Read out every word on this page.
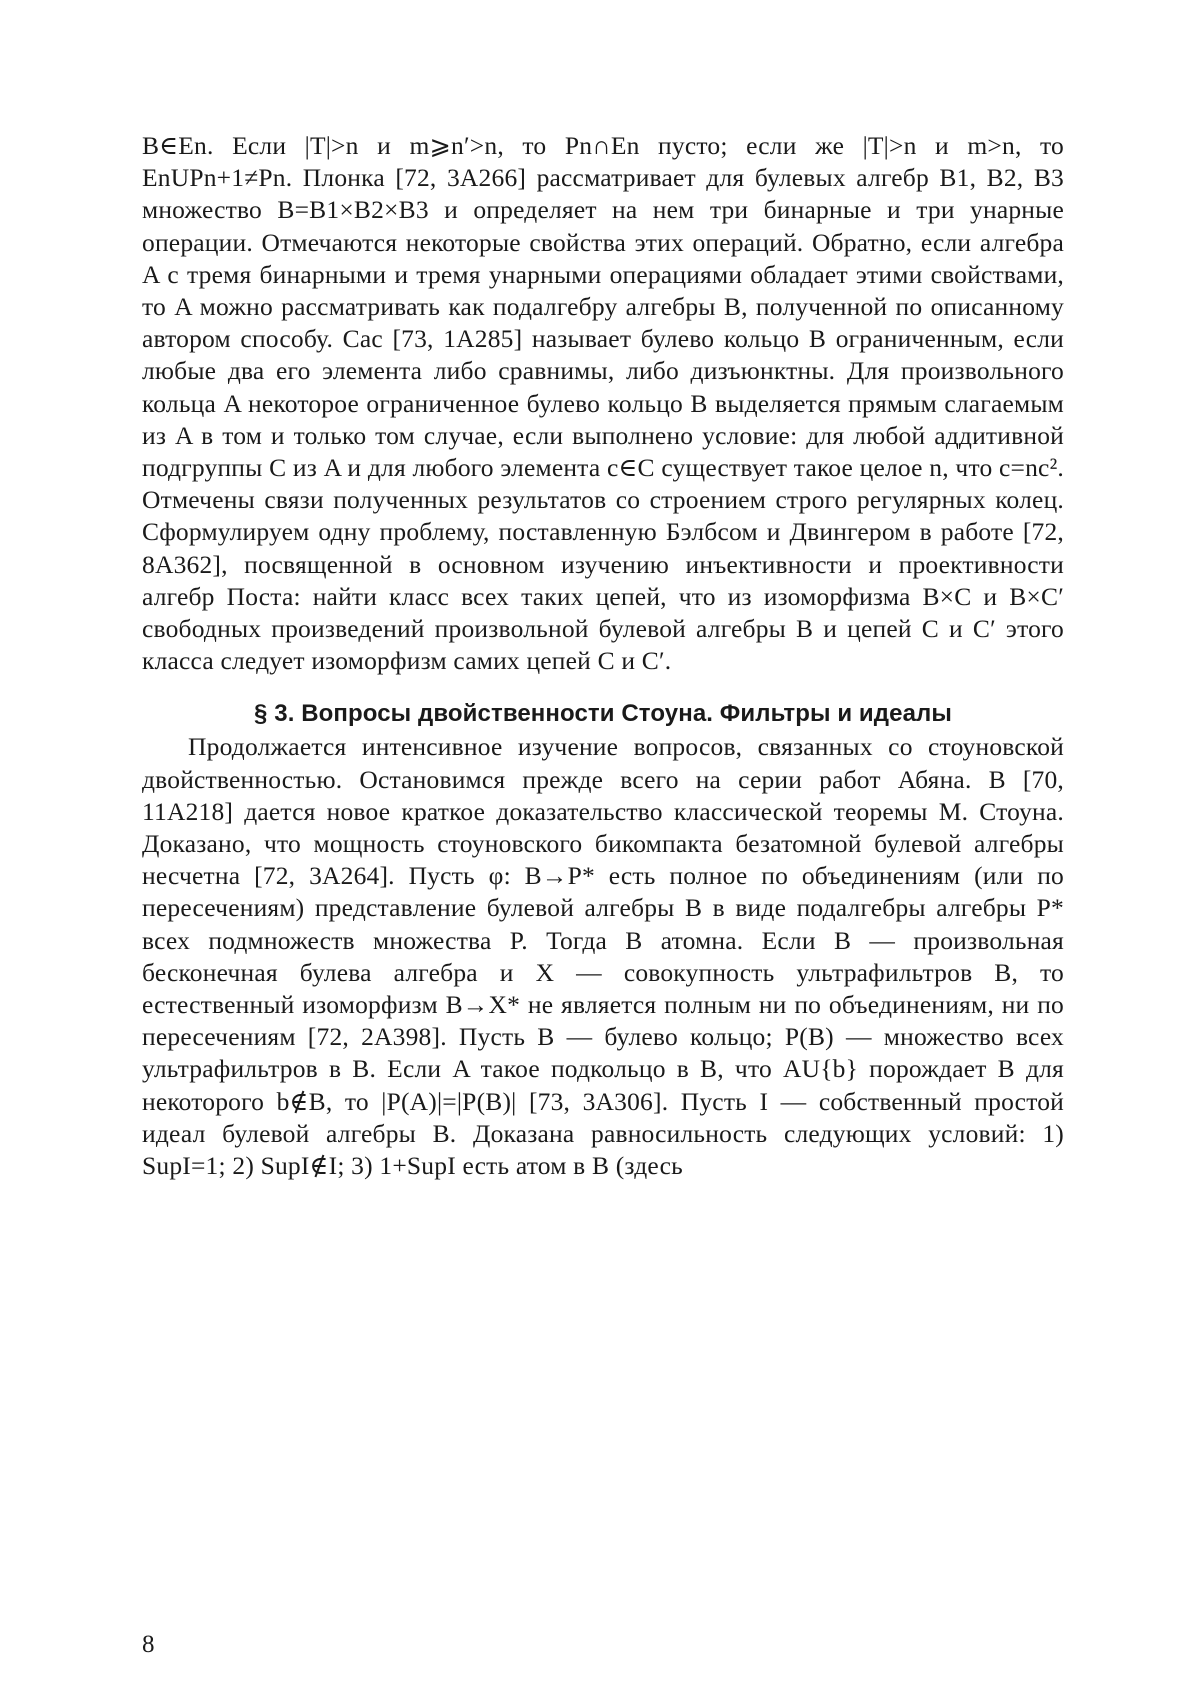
B∈En. Если |T|>n и m⩾n′>n, то Pn∩En пусто; если же |T|>n и m>n, то EnUPn+1≠Pn. Плонка [72, 3A266] рассматривает для булевых алгебр B1, B2, B3 множество B=B1×B2×B3 и определяет на нем три бинарные и три унарные операции. Отмечаются некоторые свойства этих операций. Обратно, если алгебра A с тремя бинарными и тремя унарными операциями обладает этими свойствами, то A можно рассматривать как подалгебру алгебры B, полученной по описанному автором способу. Сас [73, 1A285] называет булево кольцо B ограниченным, если любые два его элемента либо сравнимы, либо дизъюнктны. Для произвольного кольца A некоторое ограниченное булево кольцо B выделяется прямым слагаемым из A в том и только том случае, если выполнено условие: для любой аддитивной подгруппы C из A и для любого элемента c∈C существует такое целое n, что c=nc². Отмечены связи полученных результатов со строением строго регулярных колец. Сформулируем одну проблему, поставленную Бэлбсом и Двингером в работе [72, 8A362], посвященной в основном изучению инъективности и проективности алгебр Поста: найти класс всех таких цепей, что из изоморфизма B×C и B×C′ свободных произведений произвольной булевой алгебры B и цепей C и C′ этого класса следует изоморфизм самих цепей C и C′.

§ 3. Вопросы двойственности Стоуна. Фильтры и идеалы

Продолжается интенсивное изучение вопросов, связанных со стоуновской двойственностью. Остановимся прежде всего на серии работ Абяна. В [70, 11A218] дается новое краткое доказательство классической теоремы М. Стоуна. Доказано, что мощность стоуновского бикомпакта безатомной булевой алгебры несчетна [72, 3A264]. Пусть φ: B→P* есть полное по объединениям (или по пересечениям) представление булевой алгебры B в виде подалгебры алгебры P* всех подмножеств множества P. Тогда B атомна. Если B — произвольная бесконечная булева алгебра и X — совокупность ультрафильтров B, то естественный изоморфизм B→X* не является полным ни по объединениям, ни по пересечениям [72, 2A398]. Пусть B — булево кольцо; P(B) — множество всех ультрафильтров в B. Если A такое подкольцо в B, что AU{b} порождает B для некоторого b∉B, то |P(A)|=|P(B)| [73, 3A306]. Пусть I — собственный простой идеал булевой алгебры B. Доказана равносильность следующих условий: 1) SupI=1; 2) SupI∉I; 3) 1+SupI есть атом в B (здесь

8
